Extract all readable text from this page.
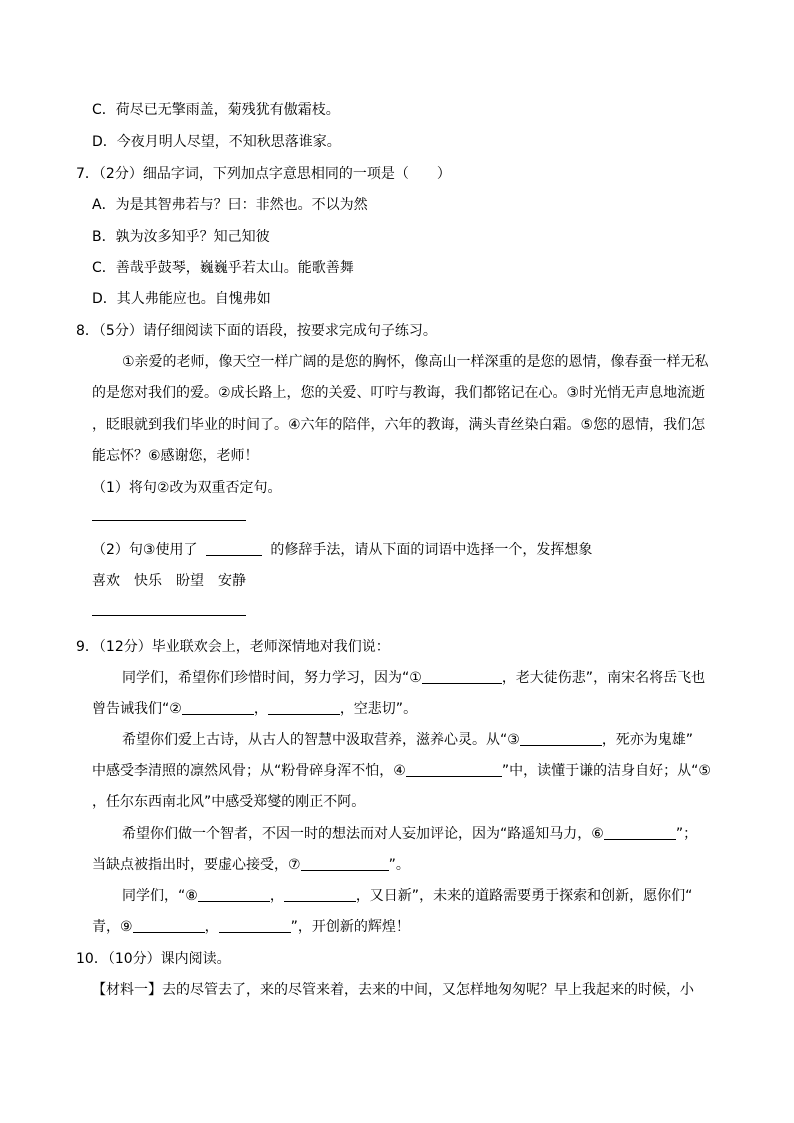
C．荷尽已无擎雨盖，菊残犹有傲霜枝。
D．今夜月明人尽望，不知秋思落谁家。
7．（2分）细品字词，下列加点字意思相同的一项是（　　）
A．为是其智弗若与？曰：非然也。不以为然
B．孰为汝多知乎？知己知彼
C．善哉乎鼓琴，巍巍乎若太山。能歌善舞
D．其人弗能应也。自愧弗如
8．（5分）请仔细阅读下面的语段，按要求完成句子练习。
①亲爱的老师，像天空一样广阔的是您的胸怀，像高山一样深重的是您的恩情，像春蚕一样无私
的是您对我们的爱。②成长路上，您的关爱、叮咛与教诲，我们都铭记在心。③时光悄无声息地流逝
，眨眼就到我们毕业的时间了。④六年的陪伴，六年的教诲，满头青丝染白霜。⑤您的恩情，我们怎
能忘怀？⑥感谢您，老师！
（1）将句②改为双重否定句。
（2）句③使用了	的修辞手法，请从下面的词语中选择一个，发挥想象
喜欢　快乐　盼望　安静
9．（12分）毕业联欢会上，老师深情地对我们说：
同学们，希望你们珍惜时间，努力学习，因为“①	，老大徒伤悲”，南宋名将岳飞也
曾告诫我们“②	，	，空悲切”。
希望你们爱上古诗，从古人的智慧中汲取营养，滋养心灵。从“③	，死亦为鬼雄”
中感受李清照的凛然风骨；从“粉骨碎身浑不怕，④	”中，读懂于谦的洁身自好；从“⑤
，任尔东西南北风”中感受郑燮的刚正不阿。
希望你们做一个智者，不因一时的想法而对人妄加评论，因为“路遥知马力，⑥	”；
当缺点被指出时，要虚心接受，⑦	”。
同学们，“⑧	，	，又日新”，未来的道路需要勇于探索和创新，愿你们“
青，⑨	，	”，开创新的辉煌！
10．（10分）课内阅读。
【材料一】去的尽管去了，来的尽管来着，去来的中间，又怎样地匆匆呢？早上我起来的时候，小
